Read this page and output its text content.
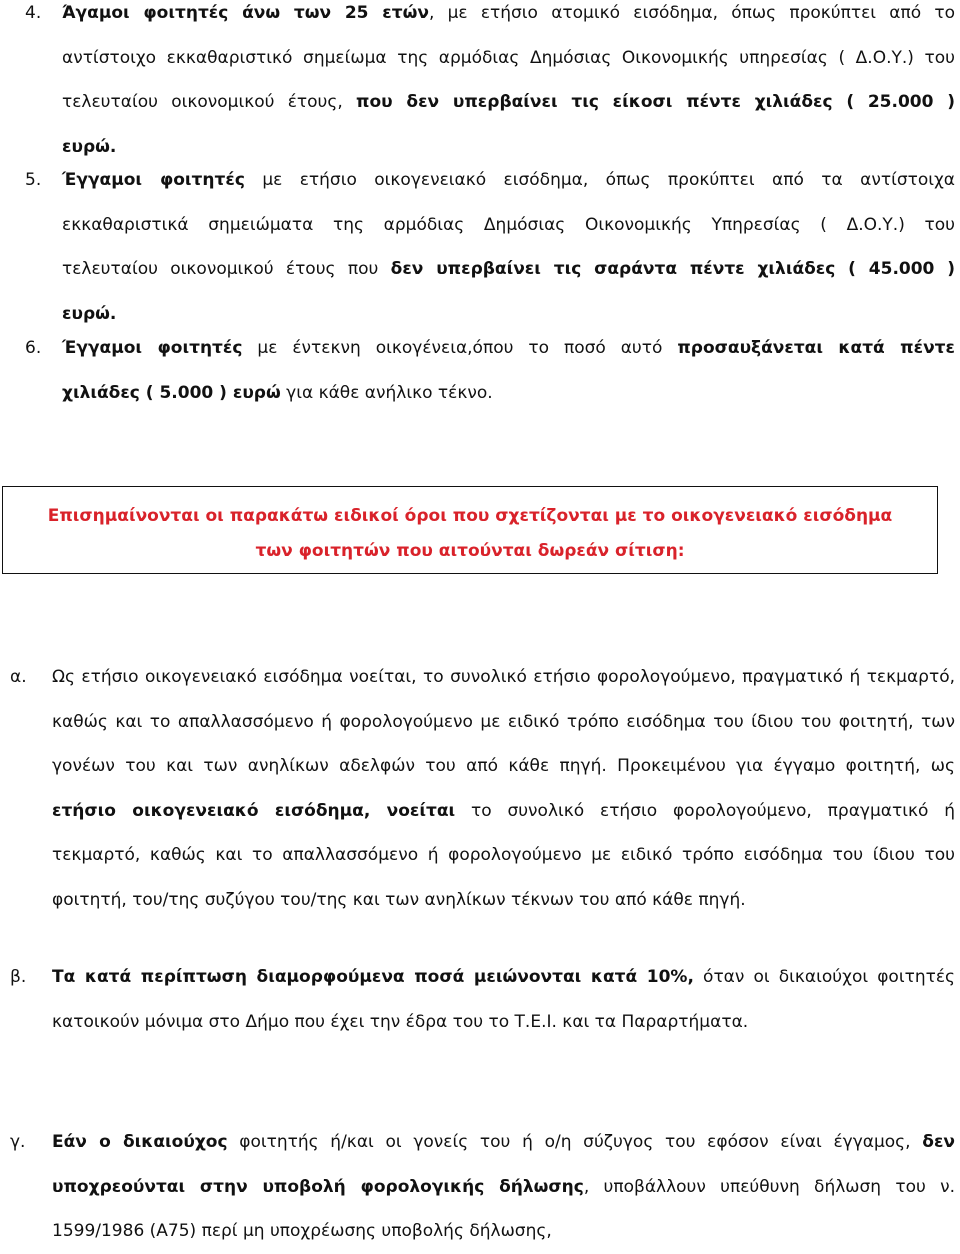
4. Άγαμοι φοιτητές άνω των 25 ετών, με ετήσιο ατομικό εισόδημα, όπως προκύπτει από το
αντίστοιχο εκκαθαριστικό σημείωμα της αρμόδιας Δημόσιας Οικονομικής υπηρεσίας ( Δ.Ο.Υ.) του
τελευταίου οικονομικού έτους, που δεν υπερβαίνει τις είκοσι πέντε χιλιάδες ( 25.000 )
ευρώ.
5. Έγγαμοι φοιτητές με ετήσιο οικογενειακό εισόδημα, όπως προκύπτει από τα αντίστοιχα
εκκαθαριστικά σημειώματα της αρμόδιας Δημόσιας Οικονομικής Υπηρεσίας ( Δ.Ο.Υ.) του
τελευταίου οικονομικού έτους που δεν υπερβαίνει τις σαράντα πέντε χιλιάδες ( 45.000 )
ευρώ.
6. Έγγαμοι φοιτητές με έντεκνη οικογένεια,όπου το ποσό αυτό προσαυξάνεται κατά πέντε
χιλιάδες ( 5.000 ) ευρώ για κάθε ανήλικο τέκνο.
Επισημαίνονται οι παρακάτω ειδικοί όροι που σχετίζονται με το οικογενειακό εισόδημα
των φοιτητών που αιτούνται δωρεάν σίτιση:
α. Ως ετήσιο οικογενειακό εισόδημα νοείται, το συνολικό ετήσιο φορολογούμενο, πραγματικό ή τεκμαρτό,
καθώς και το απαλλασσόμενο ή φορολογούμενο με ειδικό τρόπο εισόδημα του ίδιου του φοιτητή, των
γονέων του και των ανηλίκων αδελφών του από κάθε πηγή. Προκειμένου για έγγαμο φοιτητή, ως
ετήσιο οικογενειακό εισόδημα, νοείται το συνολικό ετήσιο φορολογούμενο, πραγματικό ή
τεκμαρτό, καθώς και το απαλλασσόμενο ή φορολογούμενο με ειδικό τρόπο εισόδημα του ίδιου του
φοιτητή, του/της συζύγου του/της και των ανηλίκων τέκνων του από κάθε πηγή.
β. Τα κατά περίπτωση διαμορφούμενα ποσά μειώνονται κατά 10%, όταν οι δικαιούχοι φοιτητές
κατοικούν μόνιμα στο Δήμο που έχει την έδρα του το Τ.Ε.Ι. και τα Παραρτήματα.
γ. Εάν ο δικαιούχος φοιτητής ή/και οι γονείς του ή ο/η σύζυγος του εφόσον είναι έγγαμος, δεν
υποχρεούνται στην υποβολή φορολογικής δήλωσης, υποβάλλουν υπεύθυνη δήλωση του ν.
1599/1986 (Α75) περί μη υποχρέωσης υποβολής δήλωσης,
